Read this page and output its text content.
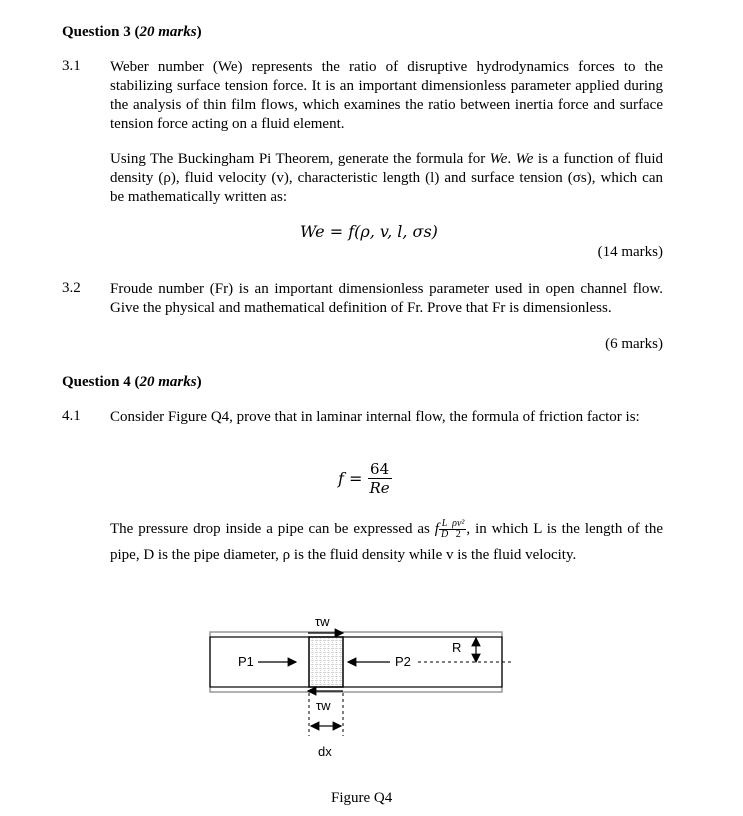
Question 3 (20 marks)
3.1 Weber number (We) represents the ratio of disruptive hydrodynamics forces to the stabilizing surface tension force. It is an important dimensionless parameter applied during the analysis of thin film flows, which examines the ratio between inertia force and surface tension force acting on a fluid element.
Using The Buckingham Pi Theorem, generate the formula for We. We is a function of fluid density (ρ), fluid velocity (v), characteristic length (l) and surface tension (σs), which can be mathematically written as:
We = f(ρ, v, l, σs)
(14 marks)
3.2 Froude number (Fr) is an important dimensionless parameter used in open channel flow. Give the physical and mathematical definition of Fr. Prove that Fr is dimensionless.
(6 marks)
Question 4 (20 marks)
4.1 Consider Figure Q4, prove that in laminar internal flow, the formula of friction factor is:
$f = \frac{64}{Re}$
The pressure drop inside a pipe can be expressed as f $\frac{L}{D} \frac{\text{ρv²}}{2}$ , in which L is the length of the pipe, D is the pipe diameter, ρ is the fluid density while v is the fluid velocity.
τw
τw
P1	P2
R
dx
Figure Q4
